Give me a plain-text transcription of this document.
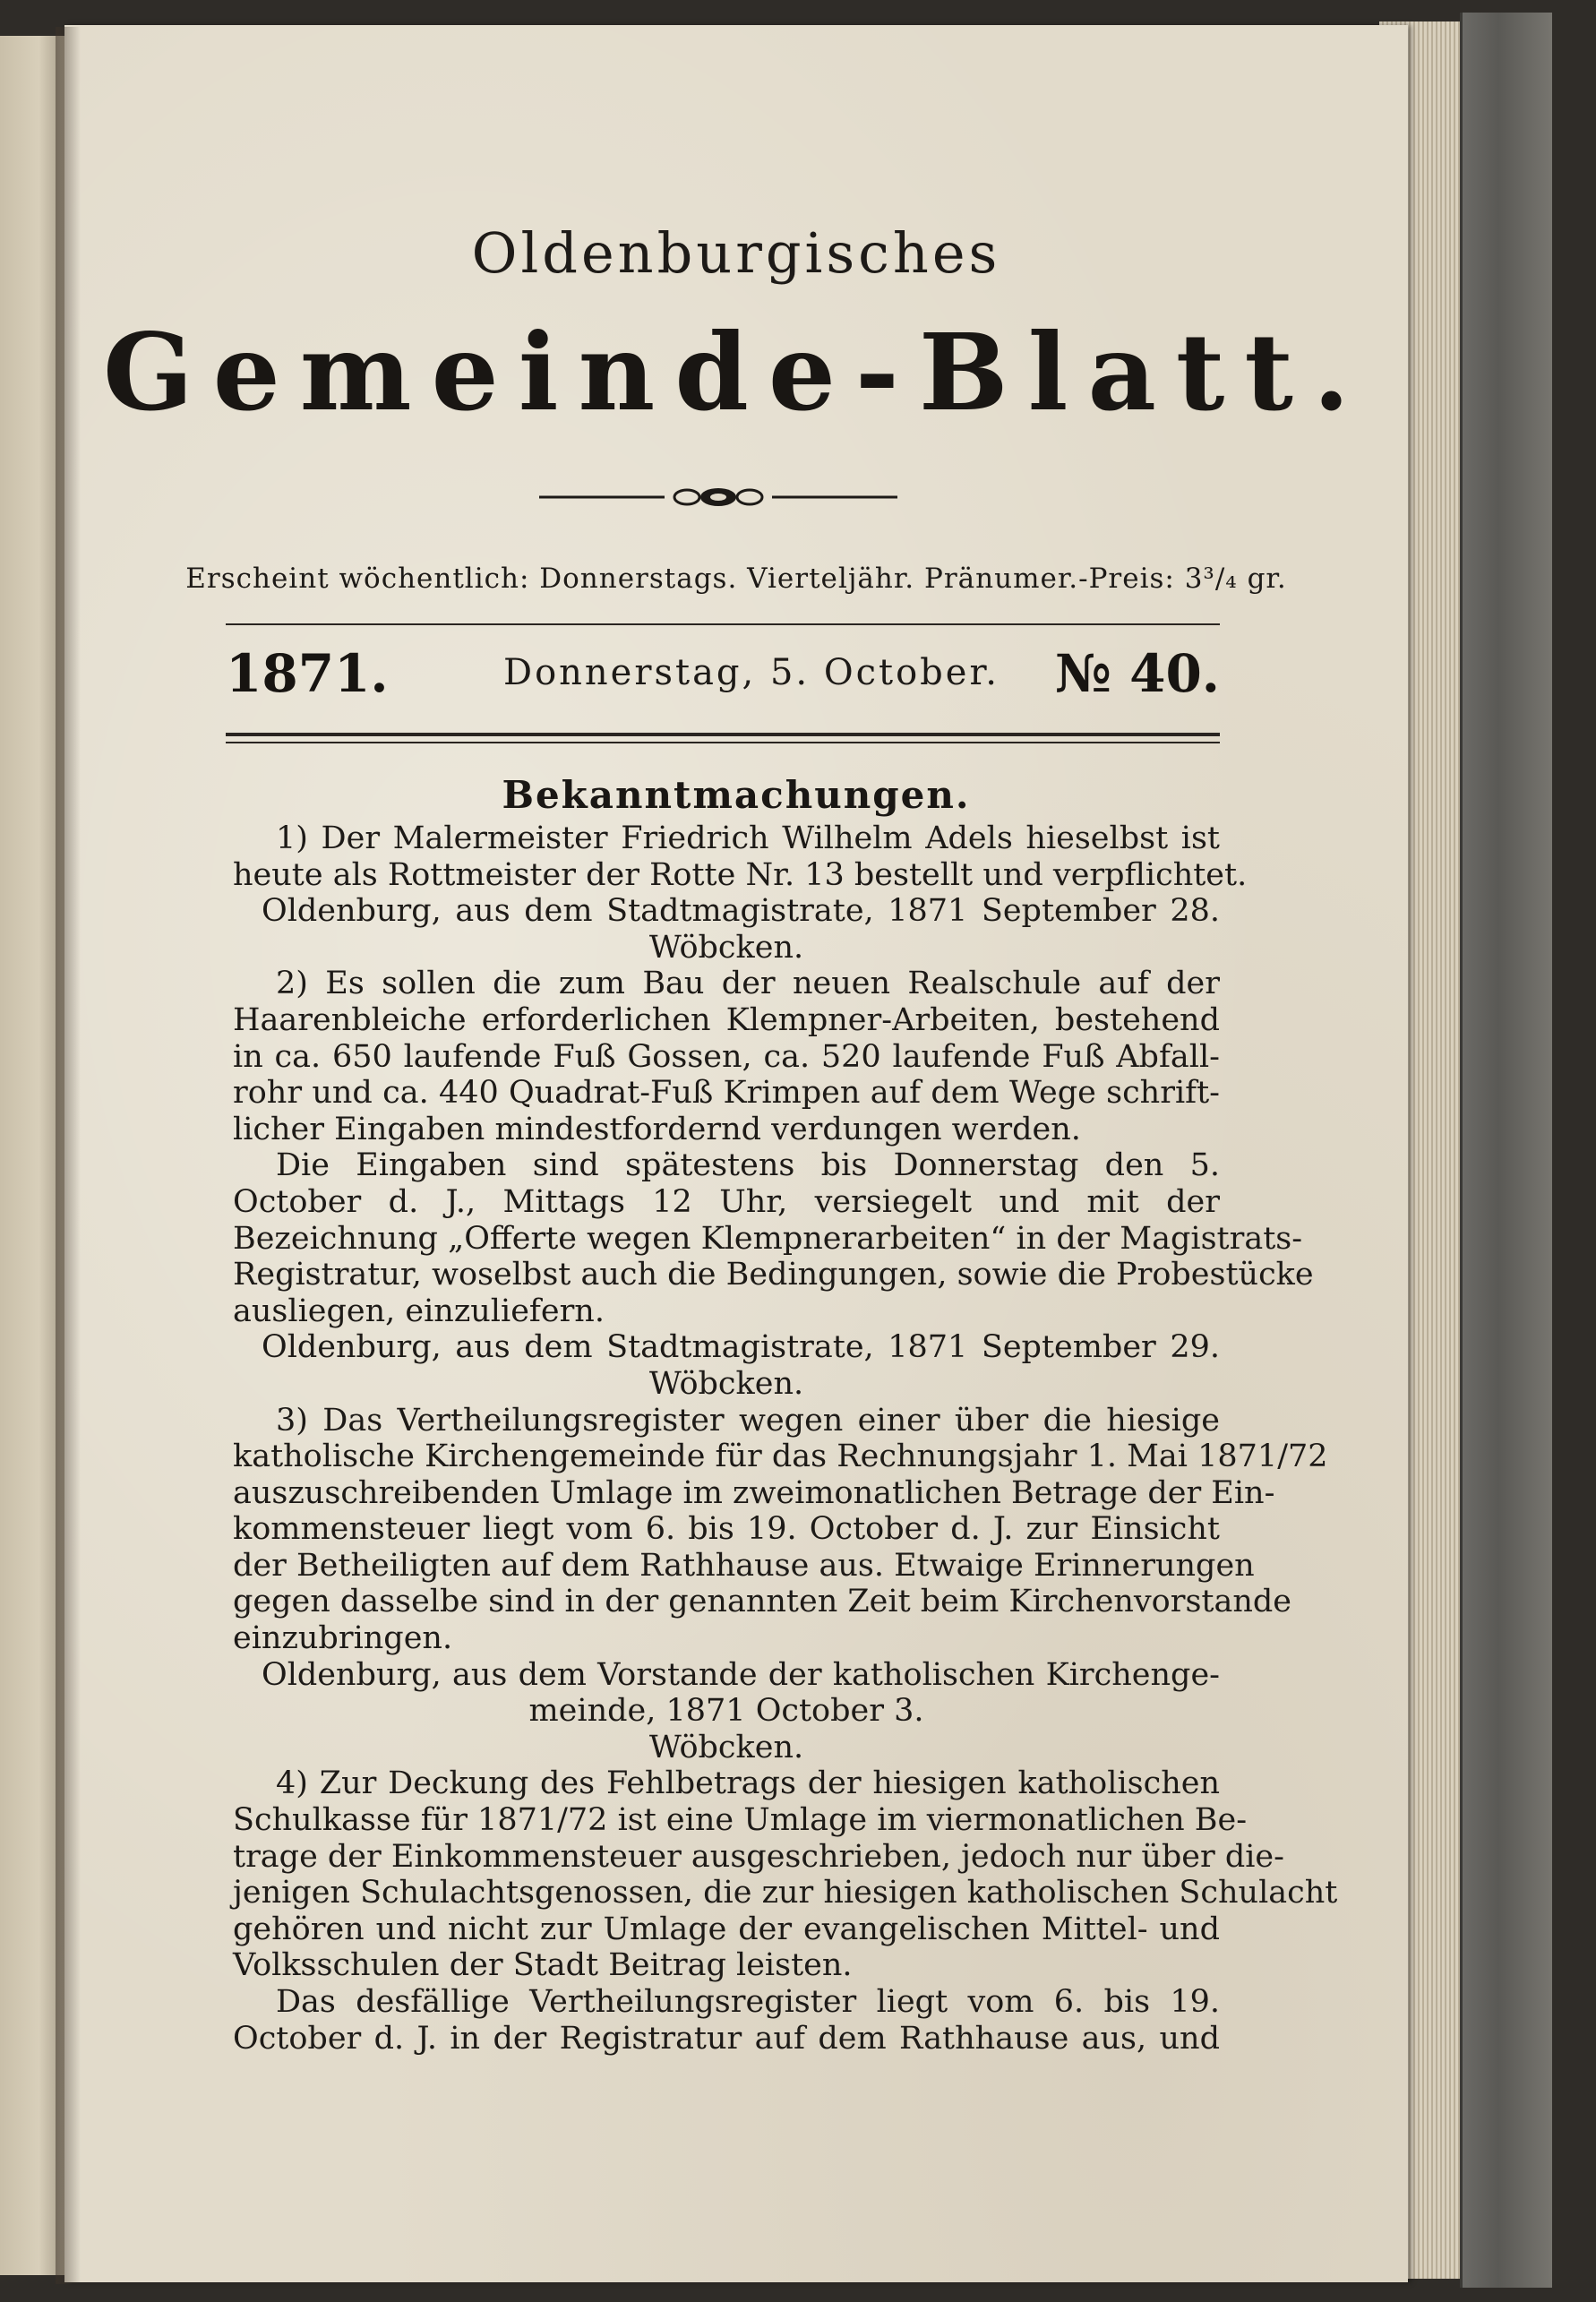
Oldenburgisches
Gemeinde-Blatt.
Erscheint wöchentlich: Donnerstags. Vierteljähr. Pränumer.-Preis: 3³/₄ gr.
1871.	Donnerstag, 5. October. № 40.
Bekanntmachungen.
1) Der Malermeister Friedrich Wilhelm Adels hieselbst ist
heute als Rottmeister der Rotte Nr. 13 bestellt und verpflichtet.
Oldenburg, aus dem Stadtmagistrate, 1871 September 28.
Wöbcken.
2) Es sollen die zum Bau der neuen Realschule auf der
Haarenbleiche erforderlichen Klempner-Arbeiten, bestehend
in ca. 650 laufende Fuß Gossen, ca. 520 laufende Fuß Abfall-
rohr und ca. 440 Quadrat-Fuß Krimpen auf dem Wege schrift-
licher Eingaben mindestfordernd verdungen werden.
Die Eingaben sind spätestens bis Donnerstag den 5.
October d. J., Mittags 12 Uhr, versiegelt und mit der
Bezeichnung „Offerte wegen Klempnerarbeiten“ in der Magistrats-
Registratur, woselbst auch die Bedingungen, sowie die Probestücke
ausliegen, einzuliefern.
Oldenburg, aus dem Stadtmagistrate, 1871 September 29.
Wöbcken.
3) Das Vertheilungsregister wegen einer über die hiesige
katholische Kirchengemeinde für das Rechnungsjahr 1. Mai 1871/72
auszuschreibenden Umlage im zweimonatlichen Betrage der Ein-
kommensteuer liegt vom 6. bis 19. October d. J. zur Einsicht
der Betheiligten auf dem Rathhause aus. Etwaige Erinnerungen
gegen dasselbe sind in der genannten Zeit beim Kirchenvorstande
einzubringen.
Oldenburg, aus dem Vorstande der katholischen Kirchenge-
meinde, 1871 October 3.
Wöbcken.
4) Zur Deckung des Fehlbetrags der hiesigen katholischen
Schulkasse für 1871/72 ist eine Umlage im viermonatlichen Be-
trage der Einkommensteuer ausgeschrieben, jedoch nur über die-
jenigen Schulachtsgenossen, die zur hiesigen katholischen Schulacht
gehören und nicht zur Umlage der evangelischen Mittel- und
Volksschulen der Stadt Beitrag leisten.
Das desfällige Vertheilungsregister liegt vom 6. bis 19.
October d. J. in der Registratur auf dem Rathhause aus, und
